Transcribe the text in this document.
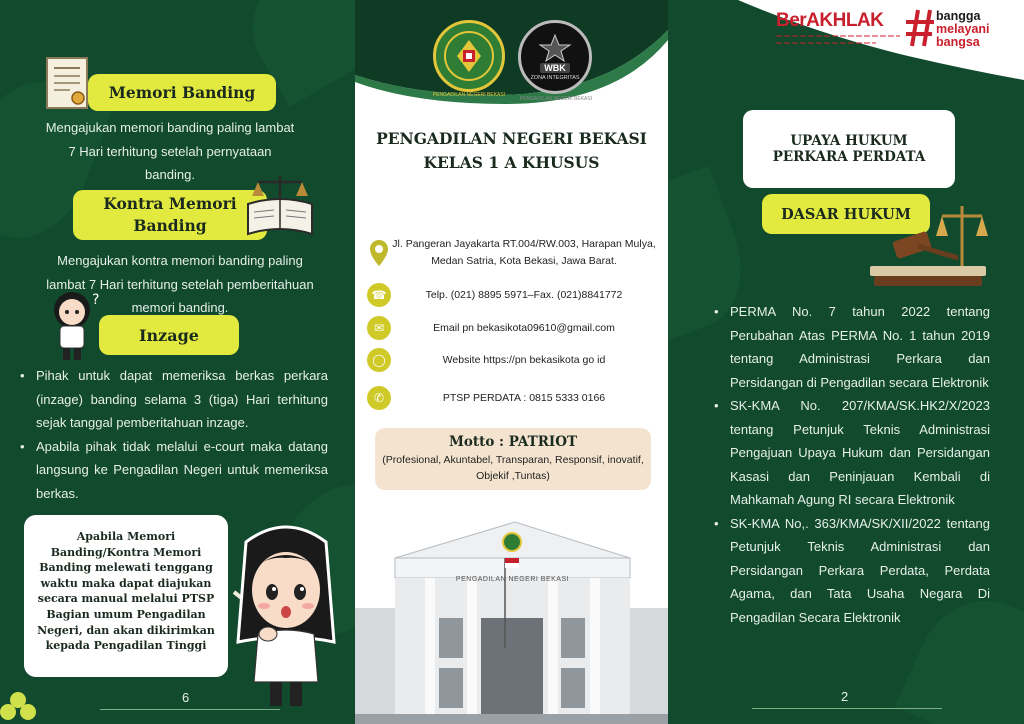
Memori Banding
Mengajukan memori banding paling lambat
7 Hari terhitung setelah pernyataan
banding.
Kontra Memori
Banding
Mengajukan kontra memori banding paling
lambat 7 Hari terhitung setelah pemberitahuan
memori banding.
?
Inzage
• Pihak untuk dapat memeriksa berkas perkara (inzage) banding selama 3 (tiga) Hari terhitung sejak tanggal pemberitahuan inzage.
• Apabila pihak tidak melalui e-court maka datang langsung ke Pengadilan Negeri untuk memeriksa berkas.
Apabila Memori Banding/Kontra Memori Banding melewati tenggang waktu maka dapat diajukan secara manual melalui PTSP Bagian umum Pengadilan Negeri, dan akan dikirimkan kepada Pengadilan Tinggi
6
PENGADILAN NEGERI BEKASI
WBK
ZONA INTEGRITAS
PENGADILAN NEGERI BEKASI
PENGADILAN NEGERI BEKASI
KELAS 1 A KHUSUS
Jl. Pangeran Jayakarta RT.004/RW.003, Harapan Mulya, Medan Satria, Kota Bekasi, Jawa Barat.
☎	Telp. (021) 8895 5971–Fax. (021)8841772
✉	Email pn bekasikota09610@gmail.com
◯	Website https://pn bekasikota go id
✆	PTSP PERDATA : 0815 5333 0166
Motto : PATRIOT
(Profesional, Akuntabel, Transparan, Responsif, inovatif, Objekif ,Tuntas)
PENGADILAN NEGERI BEKASI
BerAKHLAK	bangga
melayani
bangsa
UPAYA HUKUM
PERKARA PERDATA
DASAR HUKUM
• PERMA No. 7 tahun 2022 tentang Perubahan Atas PERMA No. 1 tahun 2019 tentang Administrasi Perkara dan Persidangan di Pengadilan secara Elektronik
• SK-KMA No. 207/KMA/SK.HK2/X/2023 tentang Petunjuk Teknis Administrasi Pengajuan Upaya Hukum dan Persidangan Kasasi dan Peninjauan Kembali di Mahkamah Agung RI secara Elektronik
• SK-KMA No,. 363/KMA/SK/XII/2022 tentang Petunjuk Teknis Administrasi dan Persidangan Perkara Perdata, Perdata Agama, dan Tata Usaha Negara Di Pengadilan Secara Elektronik
2
